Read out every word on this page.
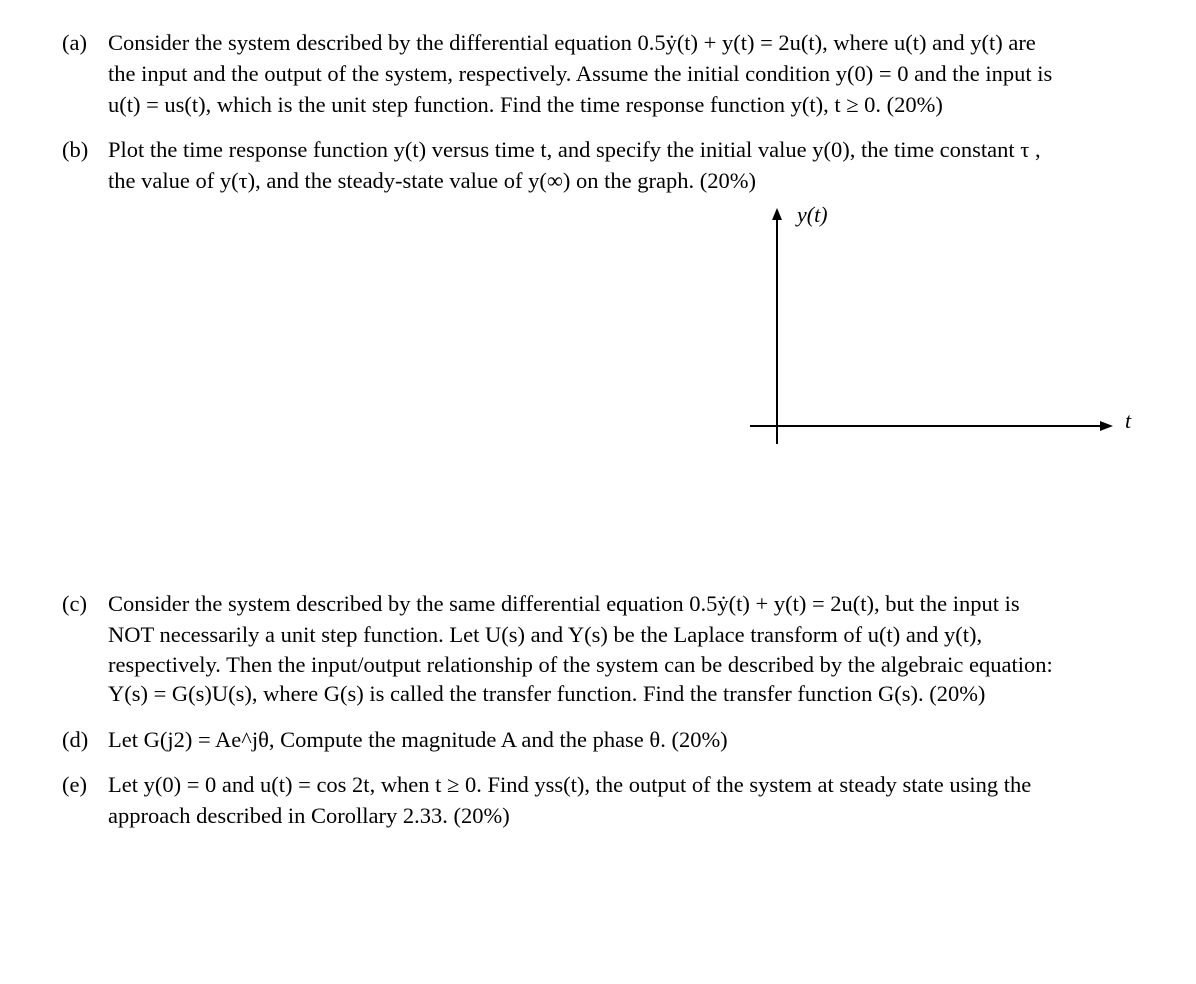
(a) Consider the system described by the differential equation 0.5ẏ(t) + y(t) = 2u(t), where u(t) and y(t) are
the input and the output of the system, respectively. Assume the initial condition y(0) = 0 and the input is
u(t) = us(t), which is the unit step function. Find the time response function y(t), t ≥ 0. (20%)
(b) Plot the time response function y(t) versus time t, and specify the initial value y(0), the time constant τ ,
the value of y(τ), and the steady-state value of y(∞) on the graph. (20%)
y(t)
t
(c) Consider the system described by the same differential equation 0.5ẏ(t) + y(t) = 2u(t), but the input is
NOT necessarily a unit step function. Let U(s) and Y(s) be the Laplace transform of u(t) and y(t),
respectively. Then the input/output relationship of the system can be described by the algebraic equation:
Y(s) = G(s)U(s), where G(s) is called the transfer function. Find the transfer function G(s). (20%)
(d) Let G(j2) = Ae^jθ, Compute the magnitude A and the phase θ. (20%)
(e) Let y(0) = 0 and u(t) = cos 2t, when t ≥ 0. Find yss(t), the output of the system at steady state using the
approach described in Corollary 2.33. (20%)
